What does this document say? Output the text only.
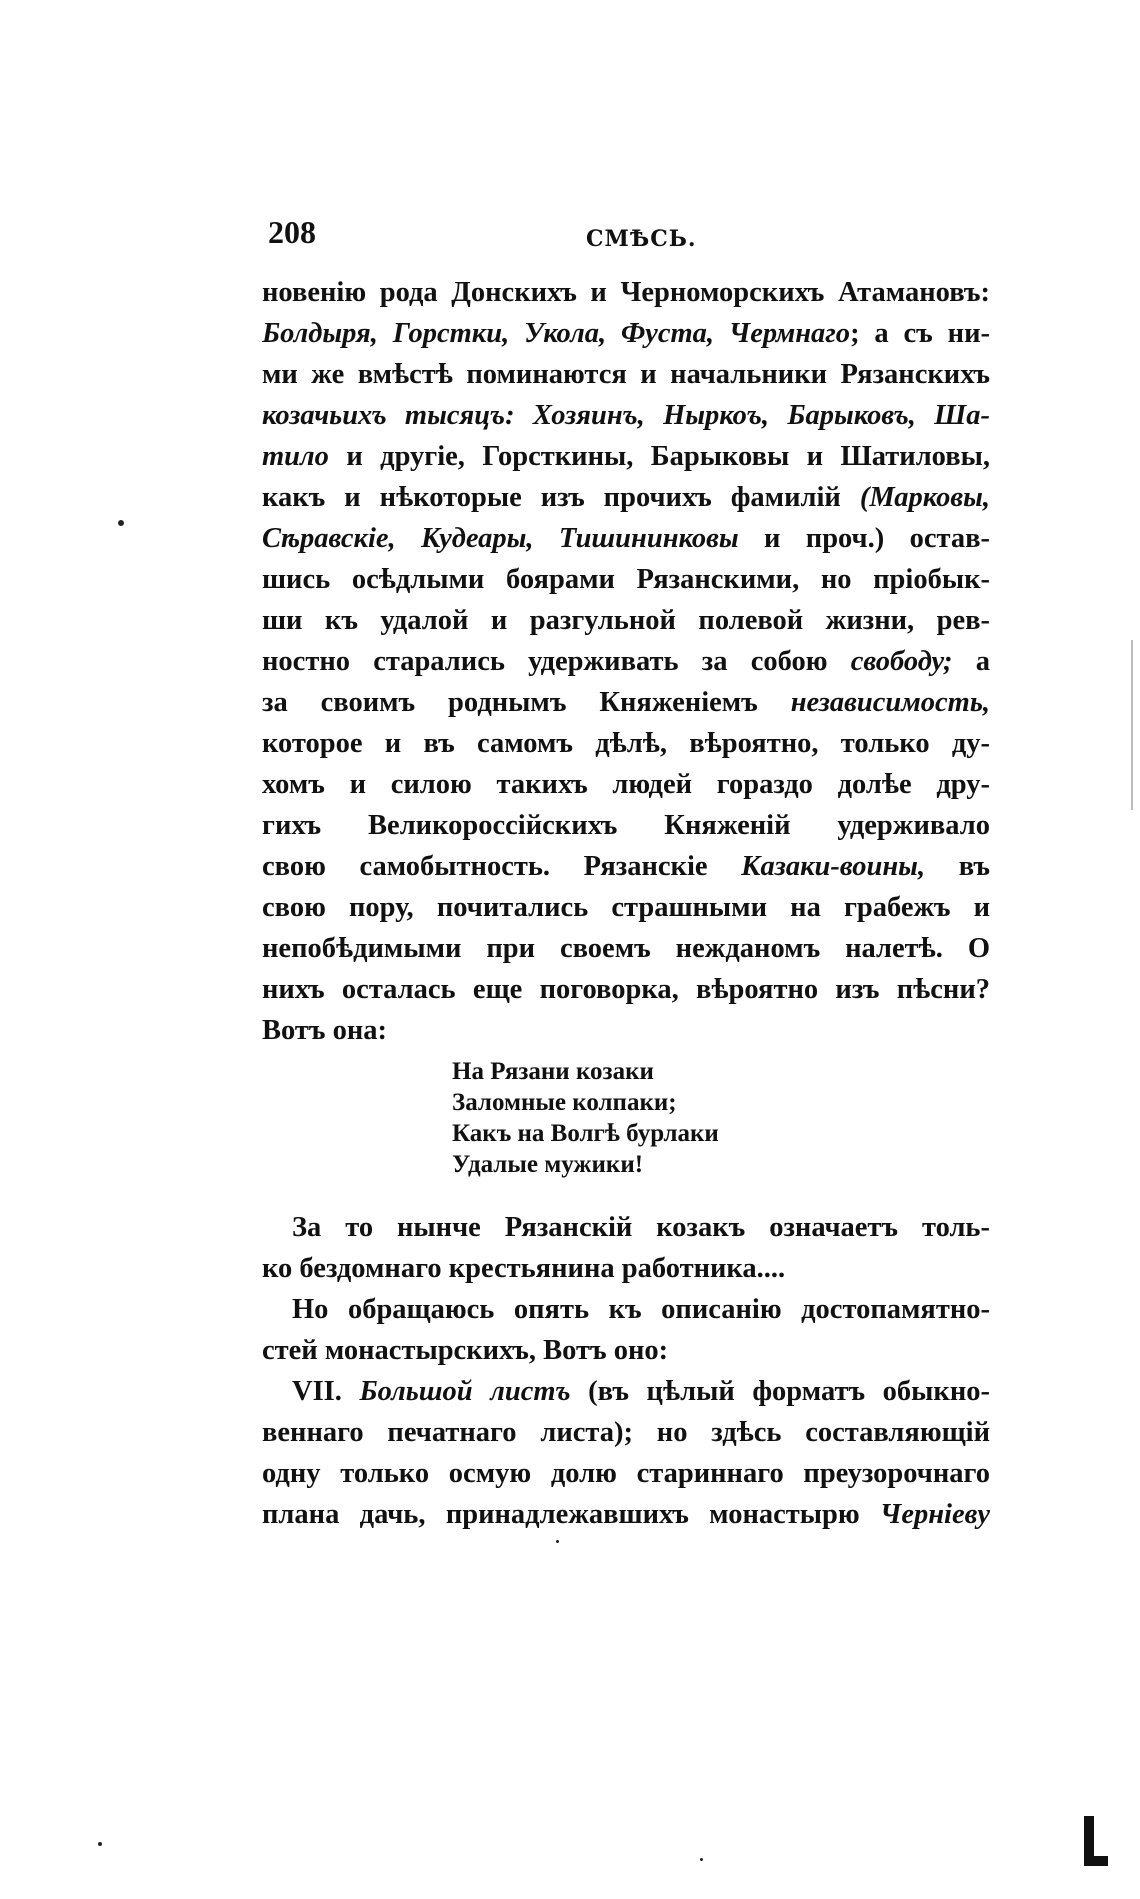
208	СМѢСЬ.
новенію рода Донскихъ и Черноморскихъ Атамановъ:
Болдыря, Горстки, Укола, Фуста, Чермнаго; а съ ни-
ми же вмѣстѣ поминаются и начальники Рязанскихъ
козачьихъ тысяцъ: Хозяинъ, Ныркоъ, Барыковъ, Ша-
тило и другіе, Горсткины, Барыковы и Шатиловы,
какъ и нѣкоторые изъ прочихъ фамилій (Марковы,
Сѣравскіе, Кудеары, Тишининковы и проч.) остав-
шись осѣдлыми боярами Рязанскими, но пріобык-
ши къ удалой и разгульной полевой жизни, рев-
ностно старались удерживать за собою свободу; а
за своимъ роднымъ Княженіемъ независимость,
которое и въ самомъ дѣлѣ, вѣроятно, только ду-
хомъ и силою такихъ людей гораздо долѣе дру-
гихъ Великороссійскихъ Княженій удерживало
свою самобытность. Рязанскіе Казаки-воины, въ
свою пору, почитались страшными на грабежъ и
непобѣдимыми при своемъ нежданомъ налетѣ. О
нихъ осталась еще поговорка, вѣроятно изъ пѣсни?
Вотъ она:
На Рязани козаки
Заломные колпаки;
Какъ на Волгѣ бурлаки
Удалые мужики!
За то нынче Рязанскій козакъ означаетъ толь-
ко бездомнаго крестьянина работника....
Но обращаюсь опять къ описанію достопамятно-
стей монастырскихъ, Вотъ оно:
VII. Большой листъ (въ цѣлый форматъ обыкно-
веннаго печатнаго листа); но здѣсь составляющій
одну только осмую долю стариннаго преузорочнаго
плана дачь, принадлежавшихъ монастырю Черніеву
